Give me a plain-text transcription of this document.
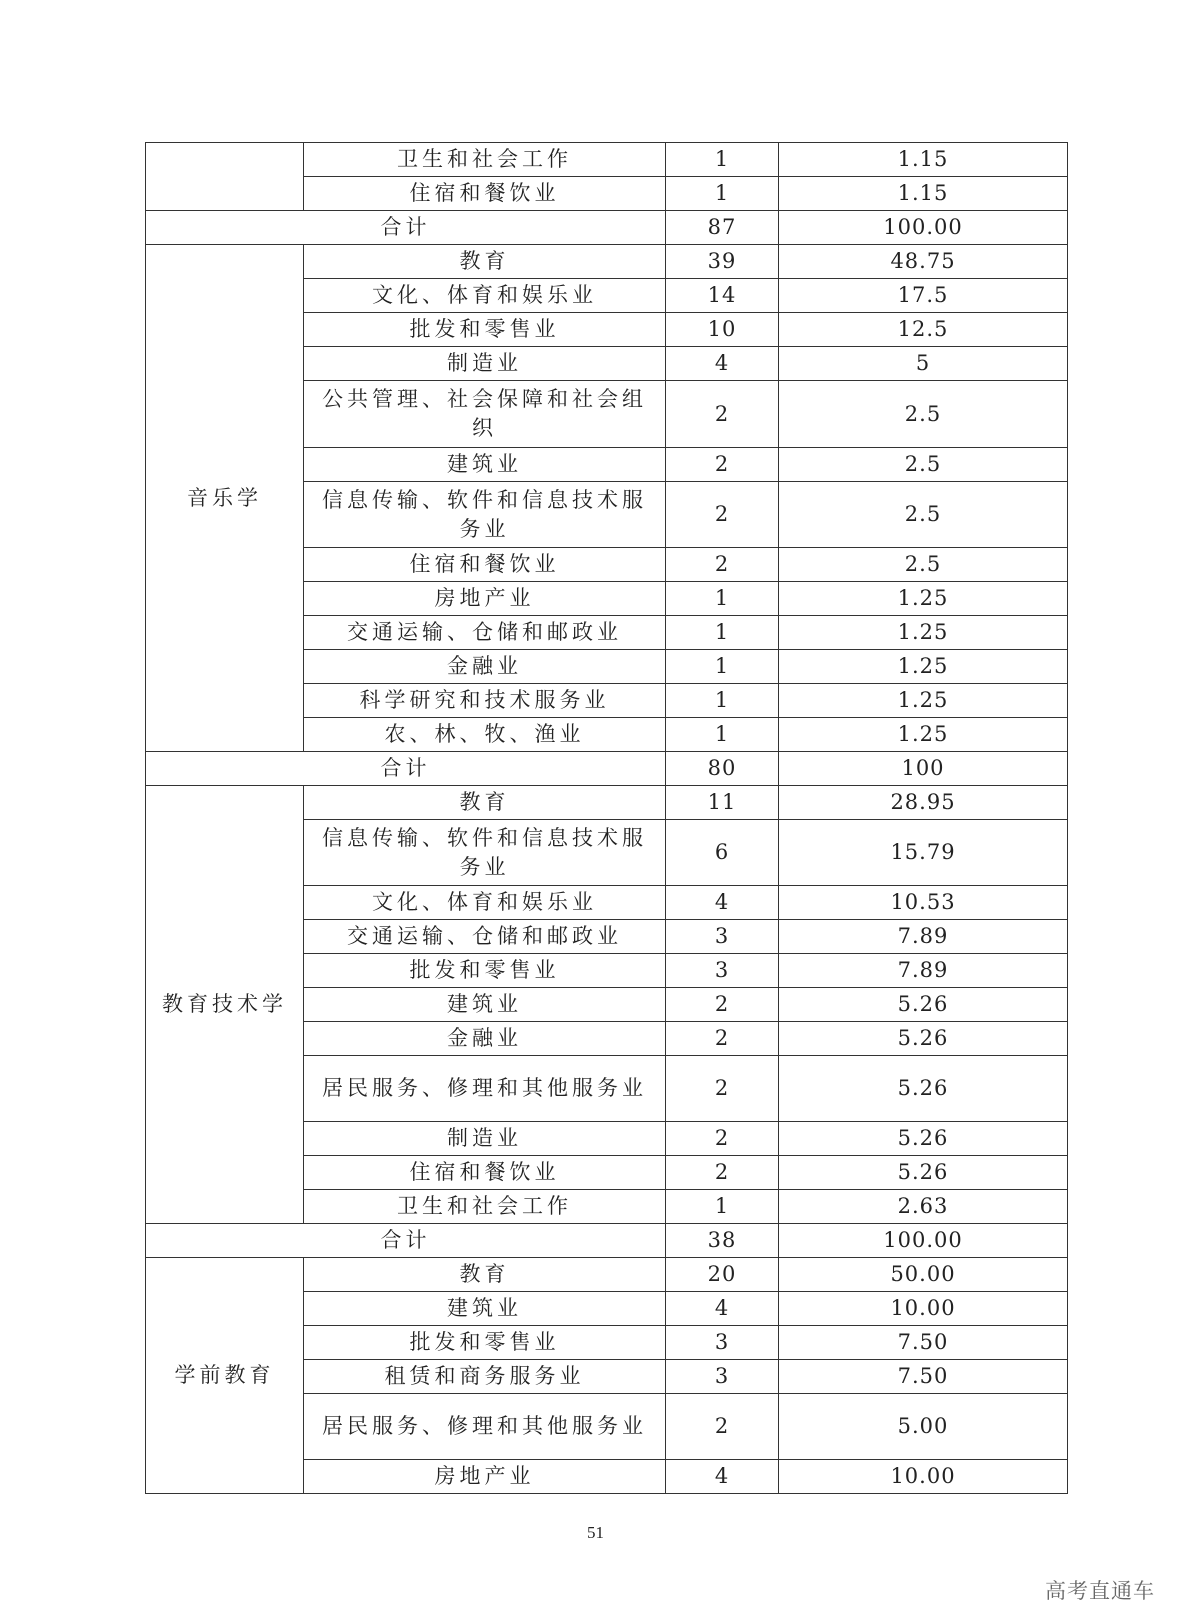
	卫生和社会工作	1	1.15
	住宿和餐饮业	1	1.15
合计		87	100.00
音乐学	教育	39	48.75
	文化、体育和娱乐业	14	17.5
	批发和零售业	10	12.5
	制造业	4	5
	公共管理、社会保障和社会组织	2	2.5
	建筑业	2	2.5
	信息传输、软件和信息技术服务业	2	2.5
	住宿和餐饮业	2	2.5
	房地产业	1	1.25
	交通运输、仓储和邮政业	1	1.25
	金融业	1	1.25
	科学研究和技术服务业	1	1.25
	农、林、牧、渔业	1	1.25
合计		80	100
教育技术学	教育	11	28.95
	信息传输、软件和信息技术服务业	6	15.79
	文化、体育和娱乐业	4	10.53
	交通运输、仓储和邮政业	3	7.89
	批发和零售业	3	7.89
	建筑业	2	5.26
	金融业	2	5.26
	居民服务、修理和其他服务业	2	5.26
	制造业	2	5.26
	住宿和餐饮业	2	5.26
	卫生和社会工作	1	2.63
合计		38	100.00
学前教育	教育	20	50.00
	建筑业	4	10.00
	批发和零售业	3	7.50
	租赁和商务服务业	3	7.50
	居民服务、修理和其他服务业	2	5.00
	房地产业	4	10.00
51
高考直通车
